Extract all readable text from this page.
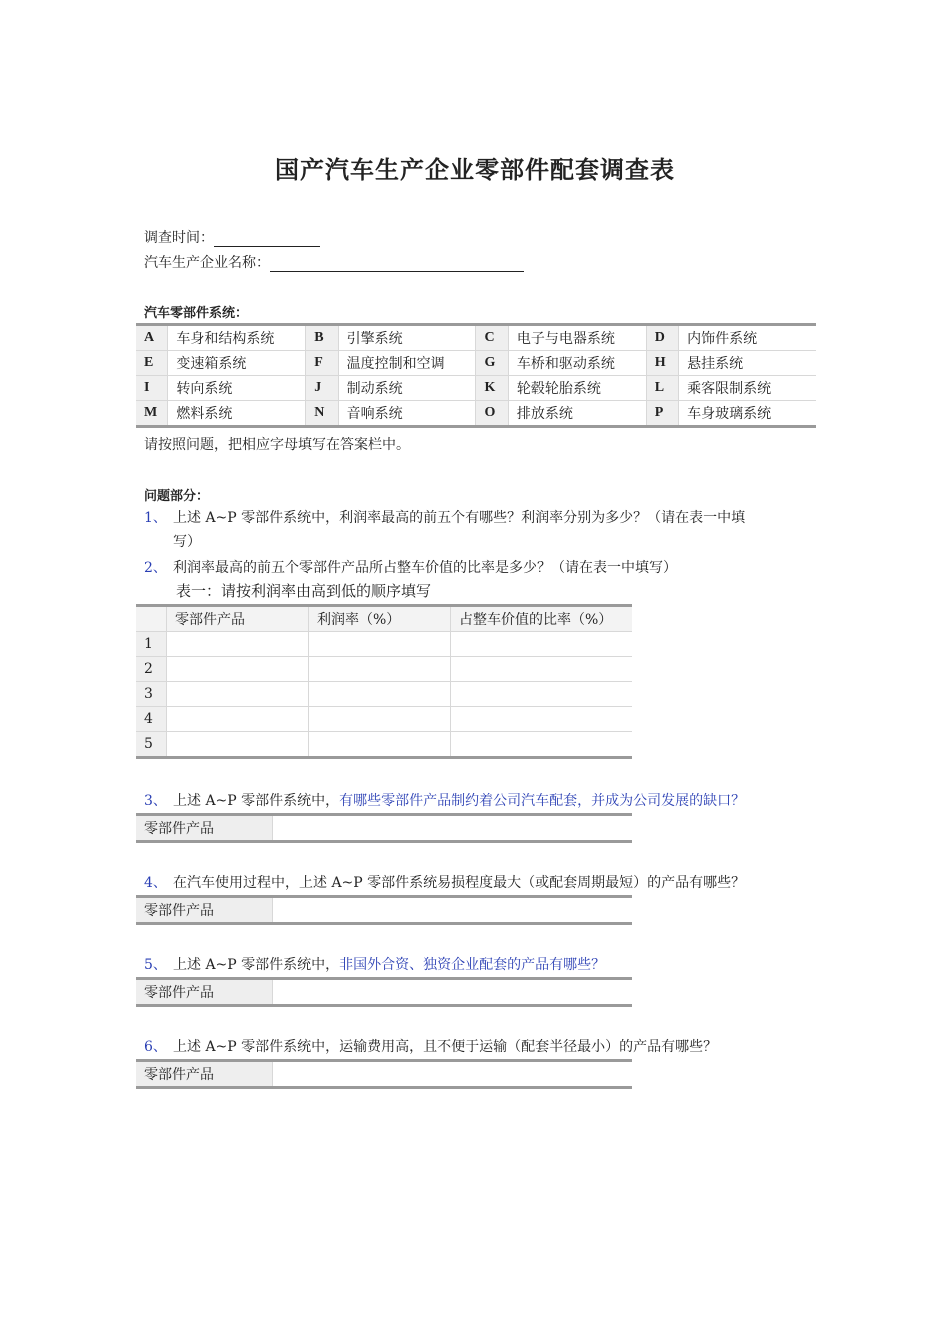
国产汽车生产企业零部件配套调查表
调查时间：
汽车生产企业名称：
汽车零部件系统：
A	车身和结构系统	B	引擎系统	C	电子与电器系统	D	内饰件系统
E	变速箱系统	F	温度控制和空调	G	车桥和驱动系统	H	悬挂系统
I	转向系统	J	制动系统	K	轮毂轮胎系统	L	乘客限制系统
M	燃料系统	N	音响系统	O	排放系统	P	车身玻璃系统
请按照问题，把相应字母填写在答案栏中。
问题部分：
1、 上述 A~P 零部件系统中，利润率最高的前五个有哪些？利润率分别为多少？（请在表一中填
写）
2、 利润率最高的前五个零部件产品所占整车价值的比率是多少？（请在表一中填写）
表一：请按利润率由高到低的顺序填写
	零部件产品	利润率（%）	占整车价值的比率（%）
1			
2			
3			
4			
5			
3、 上述 A~P 零部件系统中，有哪些零部件产品制约着公司汽车配套，并成为公司发展的缺口？
零部件产品	
4、 在汽车使用过程中，上述 A~P 零部件系统易损程度最大（或配套周期最短）的产品有哪些？
零部件产品	
5、 上述 A~P 零部件系统中，非国外合资、独资企业配套的产品有哪些？
零部件产品	
6、 上述 A~P 零部件系统中，运输费用高，且不便于运输（配套半径最小）的产品有哪些？
零部件产品	
